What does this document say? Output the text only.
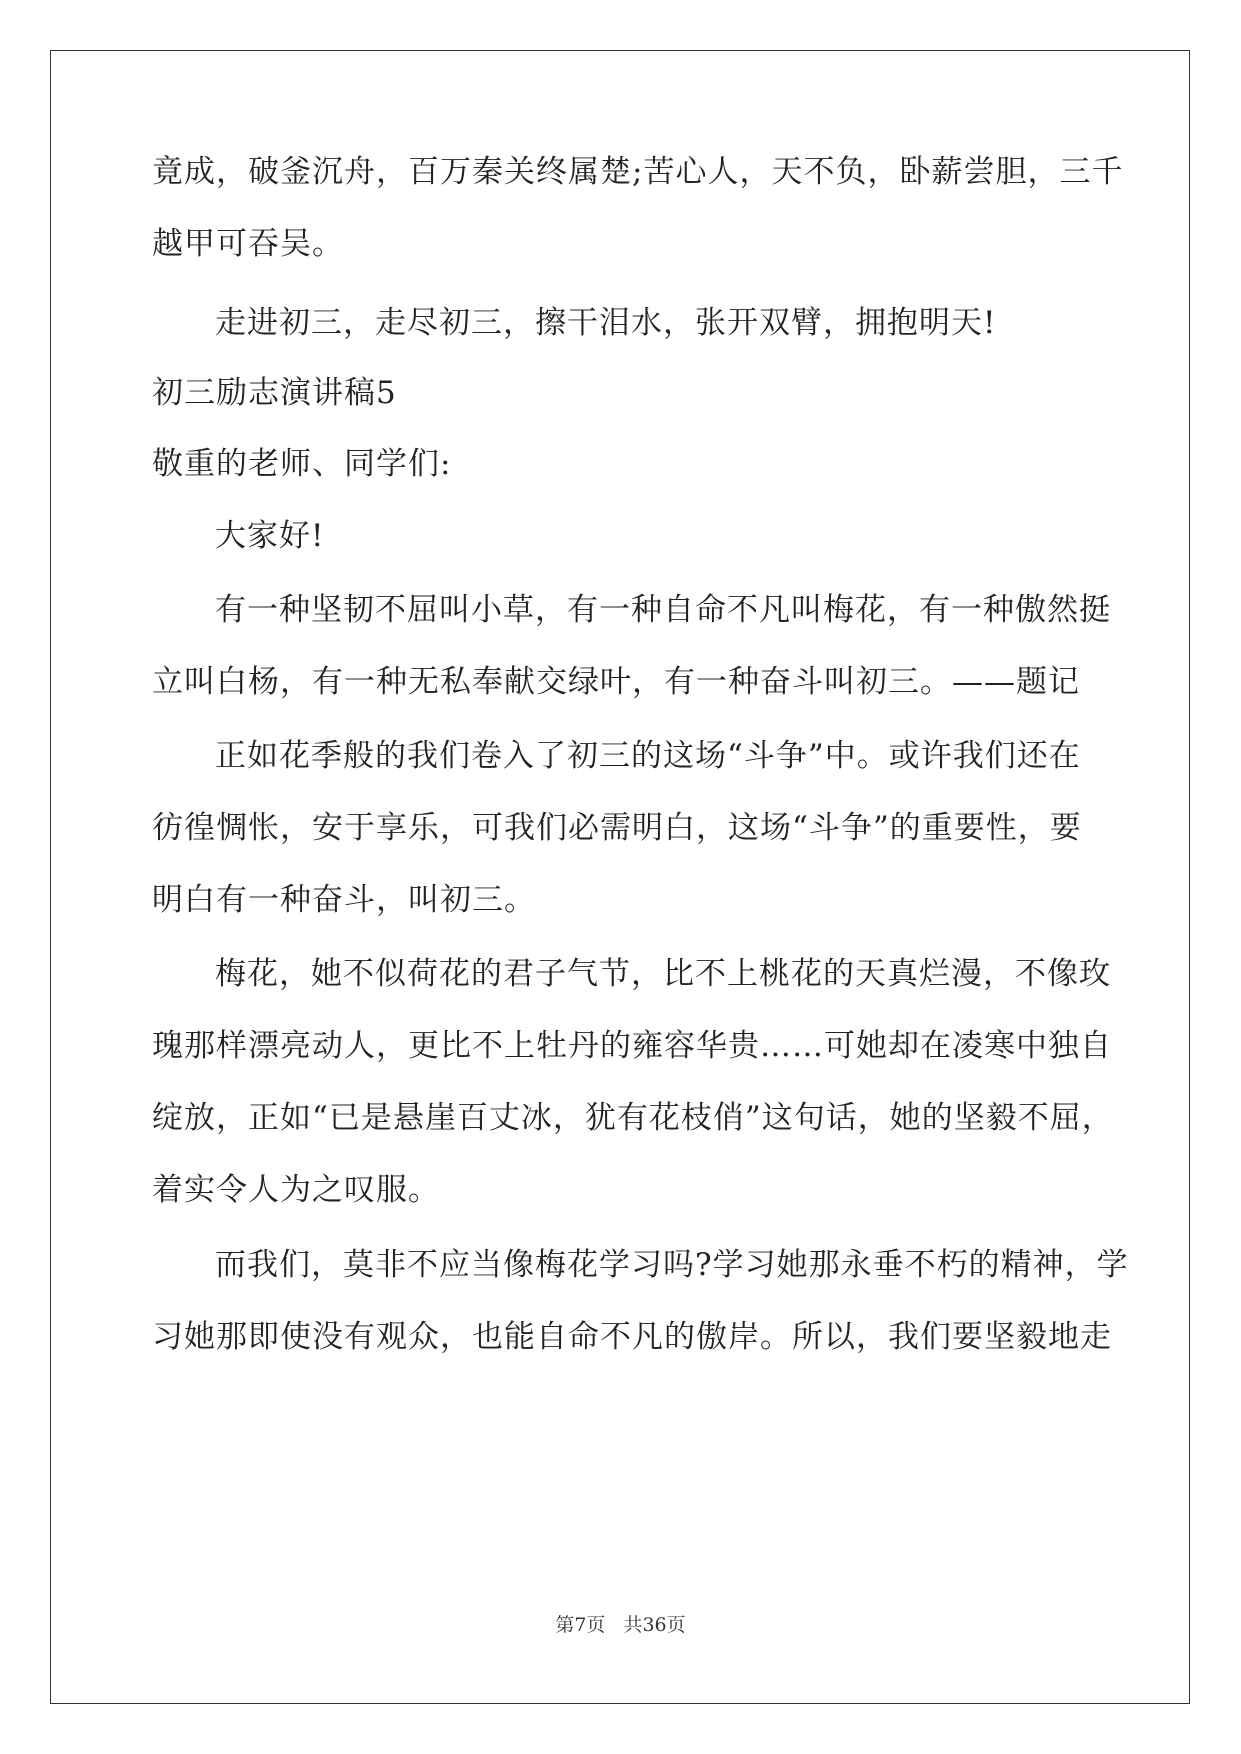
竟成，破釜沉舟，百万秦关终属楚;苦心人，天不负，卧薪尝胆，三千
越甲可吞吴。
走进初三，走尽初三，擦干泪水，张开双臂，拥抱明天!
初三励志演讲稿5
敬重的老师、同学们:
大家好!
有一种坚韧不屈叫小草，有一种自命不凡叫梅花，有一种傲然挺
立叫白杨，有一种无私奉献交绿叶，有一种奋斗叫初三。——题记
正如花季般的我们卷入了初三的这场“斗争”中。或许我们还在
彷徨惆怅，安于享乐，可我们必需明白，这场“斗争”的重要性，要
明白有一种奋斗，叫初三。
梅花，她不似荷花的君子气节，比不上桃花的天真烂漫，不像玫
瑰那样漂亮动人，更比不上牡丹的雍容华贵……可她却在凌寒中独自
绽放，正如“已是悬崖百丈冰，犹有花枝俏”这句话，她的坚毅不屈，
着实令人为之叹服。
而我们，莫非不应当像梅花学习吗?学习她那永垂不朽的精神，学
习她那即使没有观众，也能自命不凡的傲岸。所以，我们要坚毅地走
第7页 共36页
